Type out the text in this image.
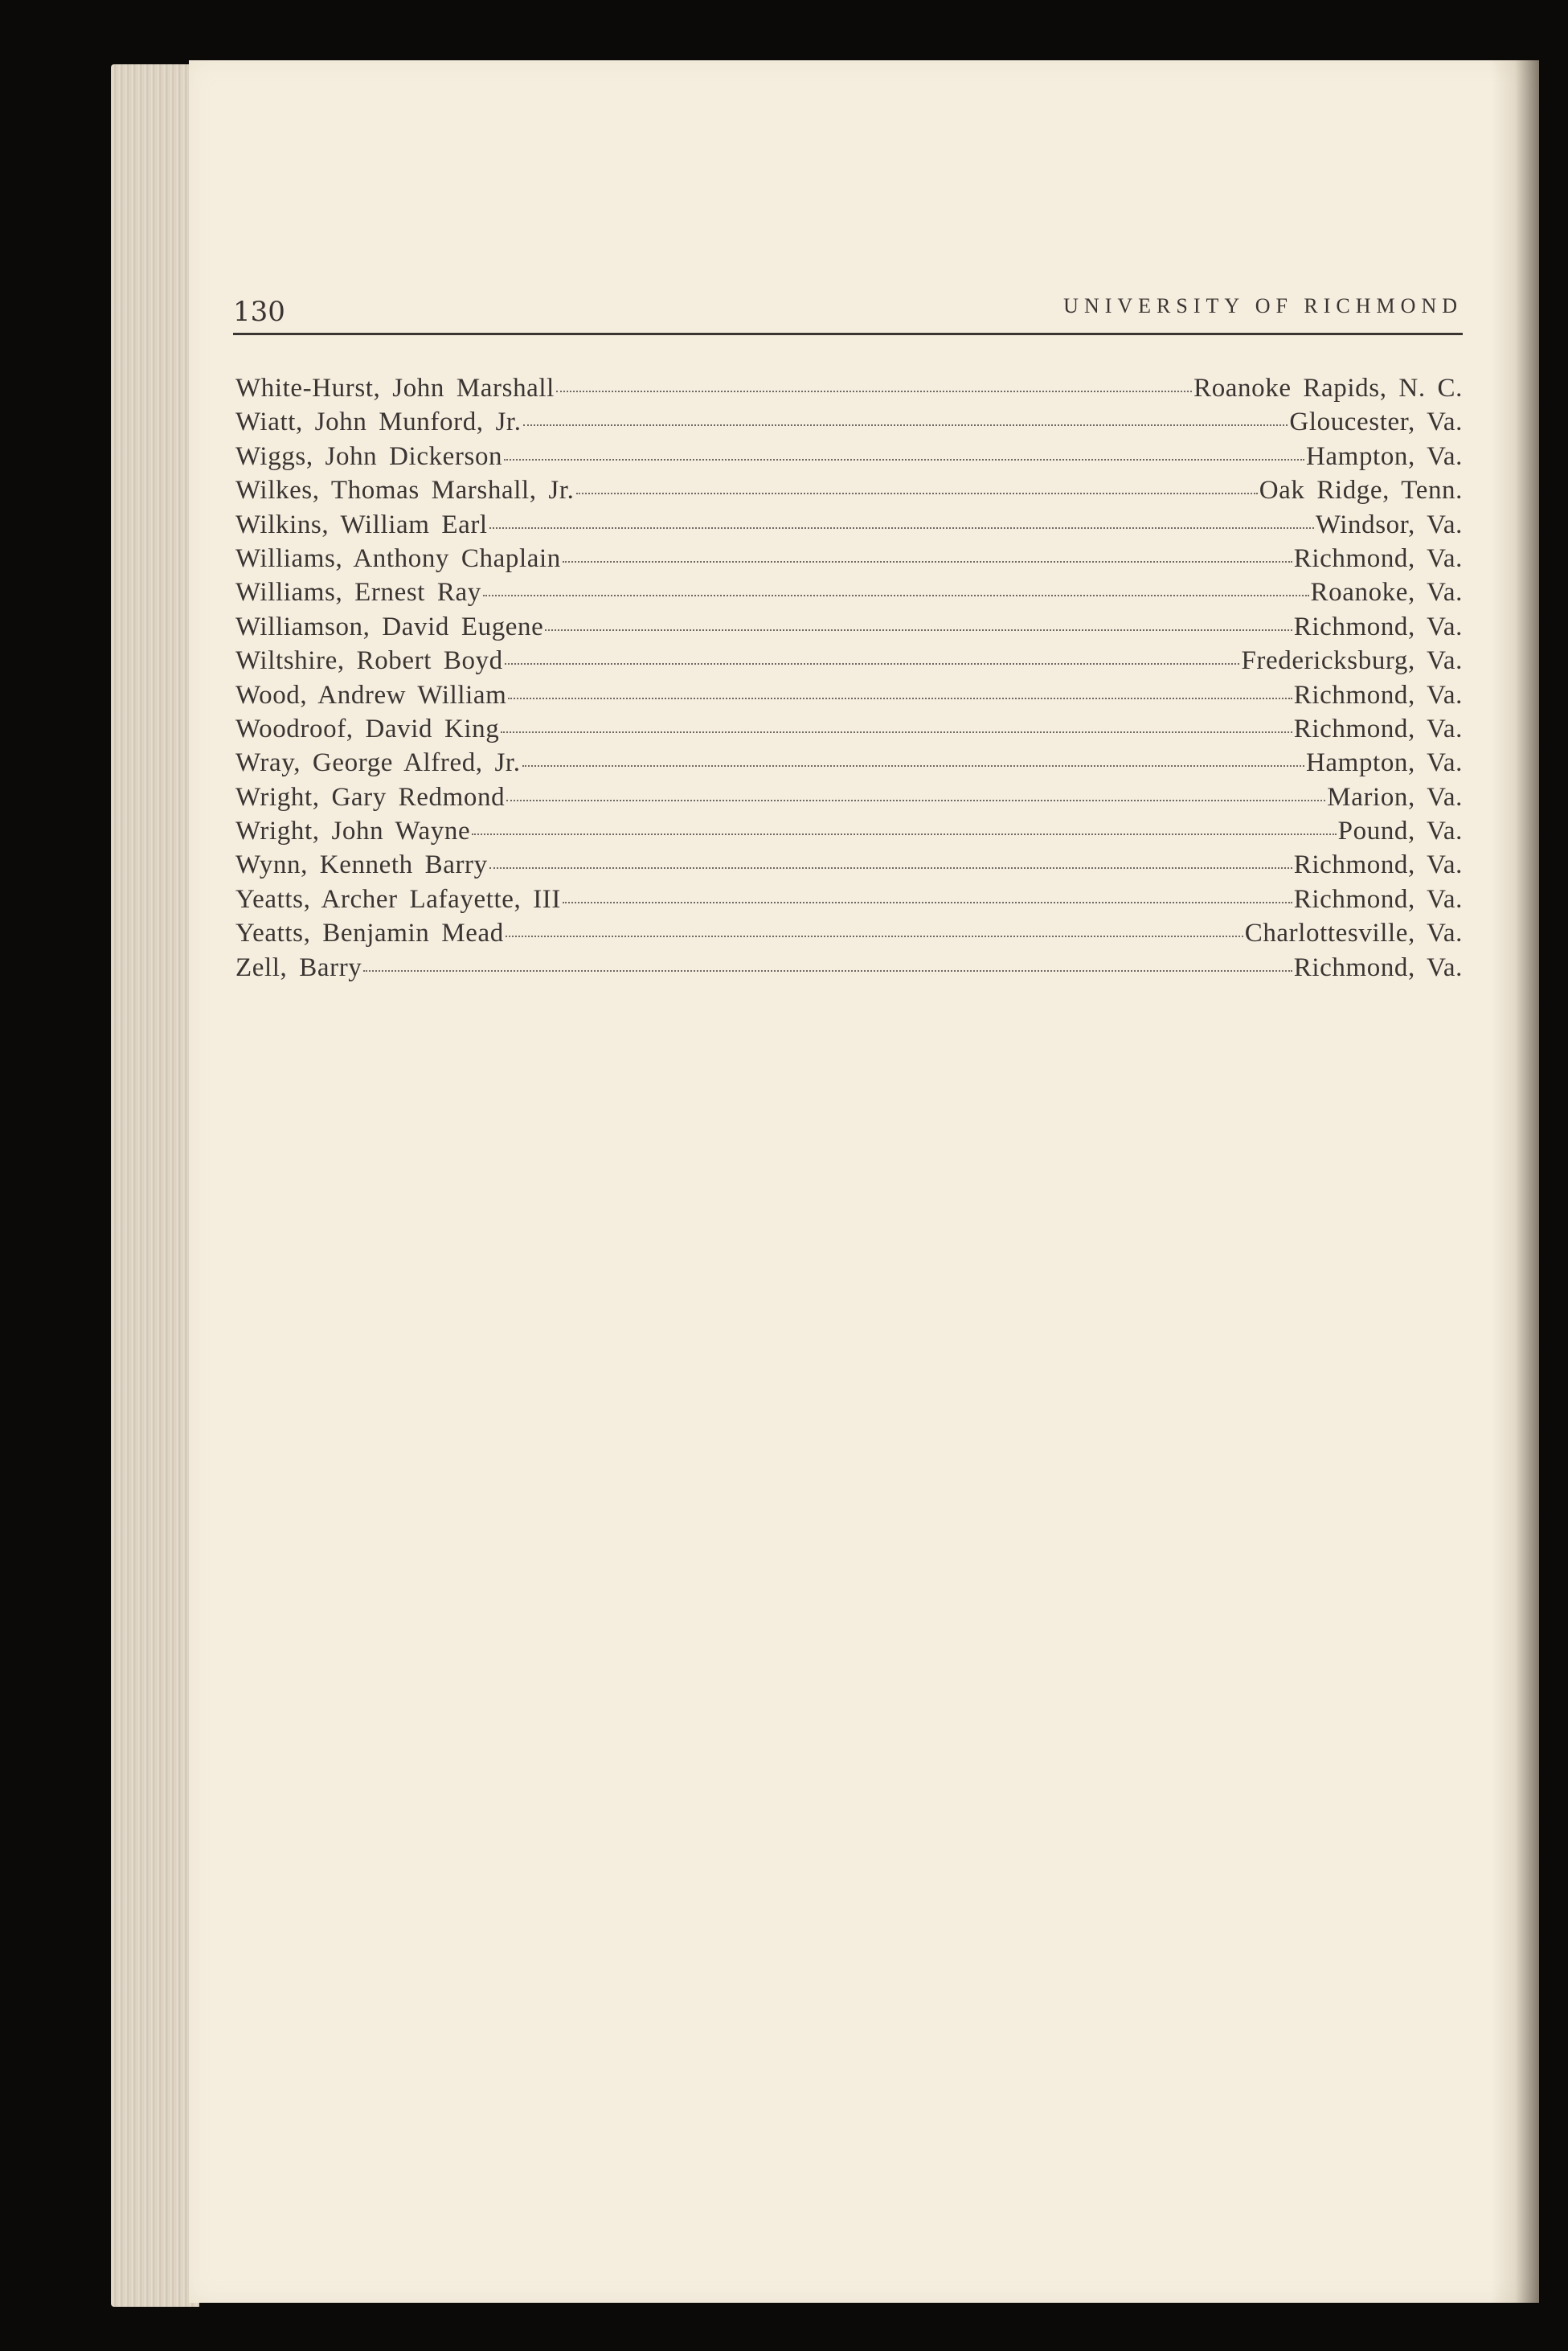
130	UNIVERSITY OF RICHMOND
White-Hurst, John Marshall	Roanoke Rapids, N. C.
Wiatt, John Munford, Jr.	Gloucester, Va.
Wiggs, John Dickerson	Hampton, Va.
Wilkes, Thomas Marshall, Jr.	Oak Ridge, Tenn.
Wilkins, William Earl	Windsor, Va.
Williams, Anthony Chaplain	Richmond, Va.
Williams, Ernest Ray	Roanoke, Va.
Williamson, David Eugene	Richmond, Va.
Wiltshire, Robert Boyd	Fredericksburg, Va.
Wood, Andrew William	Richmond, Va.
Woodroof, David King	Richmond, Va.
Wray, George Alfred, Jr.	Hampton, Va.
Wright, Gary Redmond	Marion, Va.
Wright, John Wayne	Pound, Va.
Wynn, Kenneth Barry	Richmond, Va.
Yeatts, Archer Lafayette, III	Richmond, Va.
Yeatts, Benjamin Mead	Charlottesville, Va.
Zell, Barry	Richmond, Va.
